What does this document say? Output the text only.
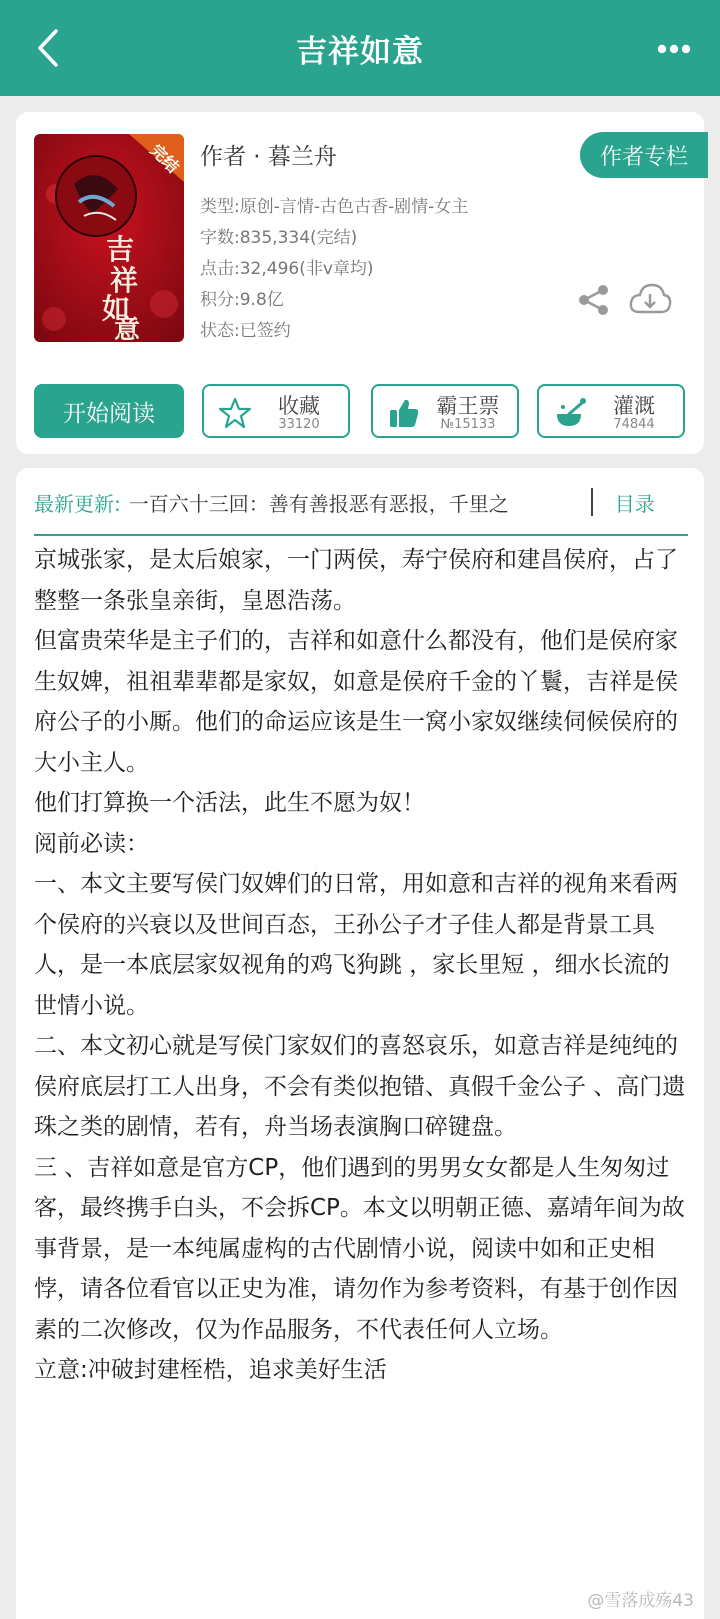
吉祥如意
完结
吉
祥
如
意
作者 · 暮兰舟	作者专栏
类型:原创-言情-古色古香-剧情-女主
字数:835,334(完结)
点击:32,496(非v章均)
积分:9.8亿
状态:已签约
开始阅读	收藏
33120
霸王票
№15133
灌溉
74844
最新更新: 一百六十三回：善有善报恶有恶报，千里之	目录

京城张家，是太后娘家，一门两侯，寿宁侯府和建昌侯府，占了整整一条张皇亲街，皇恩浩荡。

但富贵荣华是主子们的，吉祥和如意什么都没有，他们是侯府家生奴婢，祖祖辈辈都是家奴，如意是侯府千金的丫鬟，吉祥是侯府公子的小厮。他们的命运应该是生一窝小家奴继续伺候侯府的大小主人。

他们打算换一个活法，此生不愿为奴！

阅前必读：

一、本文主要写侯门奴婢们的日常，用如意和吉祥的视角来看两个侯府的兴衰以及世间百态，王孙公子才子佳人都是背景工具人，是一本底层家奴视角的鸡飞狗跳 ，家长里短 ，细水长流的世情小说。

二、本文初心就是写侯门家奴们的喜怒哀乐，如意吉祥是纯纯的侯府底层打工人出身，不会有类似抱错、真假千金公子 、高门遗珠之类的剧情，若有，舟当场表演胸口碎键盘。

三 、吉祥如意是官方CP，他们遇到的男男女女都是人生匆匆过客，最终携手白头，不会拆CP。本文以明朝正德、嘉靖年间为故事背景，是一本纯属虚构的古代剧情小说，阅读中如和正史相悖，请各位看官以正史为准，请勿作为参考资料，有基于创作因素的二次修改，仅为作品服务，不代表任何人立场。

立意:冲破封建桎梏，追求美好生活

@雪落成殇43
